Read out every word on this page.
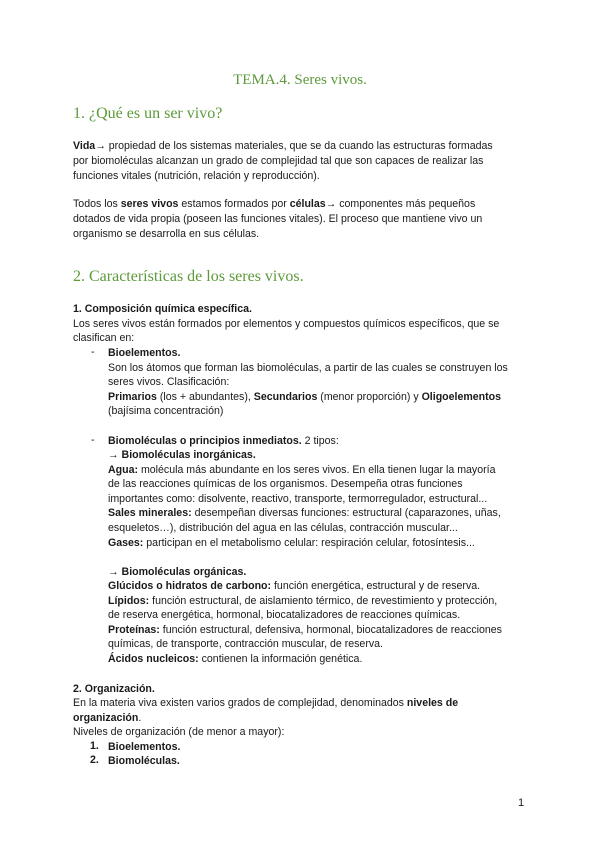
TEMA.4. Seres vivos.
1. ¿Qué es un ser vivo?
Vida→ propiedad de los sistemas materiales, que se da cuando las estructuras formadas
por biomoléculas alcanzan un grado de complejidad tal que son capaces de realizar las
funciones vitales (nutrición, relación y reproducción).
Todos los seres vivos estamos formados por células→ componentes más pequeños
dotados de vida propia (poseen las funciones vitales). El proceso que mantiene vivo un
organismo se desarrolla en sus células.
2. Características de los seres vivos.
1. Composición química específica.
Los seres vivos están formados por elementos y compuestos químicos específicos, que se
clasifican en:
- Bioelementos.
Son los átomos que forman las biomoléculas, a partir de las cuales se construyen los
seres vivos. Clasificación:
Primarios (los + abundantes), Secundarios (menor proporción) y Oligoelementos
(bajísima concentración)
- Biomoléculas o principios inmediatos. 2 tipos:
→ Biomoléculas inorgánicas.
Agua: molécula más abundante en los seres vivos. En ella tienen lugar la mayoría
de las reacciones químicas de los organismos. Desempeña otras funciones
importantes como: disolvente, reactivo, transporte, termorregulador, estructural...
Sales minerales: desempeñan diversas funciones: estructural (caparazones, uñas,
esqueletos…), distribución del agua en las células, contracción muscular...
Gases: participan en el metabolismo celular: respiración celular, fotosíntesis...
→ Biomoléculas orgánicas.
Glúcidos o hidratos de carbono: función energética, estructural y de reserva.
Lípidos: función estructural, de aislamiento térmico, de revestimiento y protección,
de reserva energética, hormonal, biocatalizadores de reacciones químicas.
Proteínas: función estructural, defensiva, hormonal, biocatalizadores de reacciones
químicas, de transporte, contracción muscular, de reserva.
Ácidos nucleicos: contienen la información genética.
2. Organización.
En la materia viva existen varios grados de complejidad, denominados niveles de
organización.
Niveles de organización (de menor a mayor):
1. Bioelementos.
2. Biomoléculas.
1
